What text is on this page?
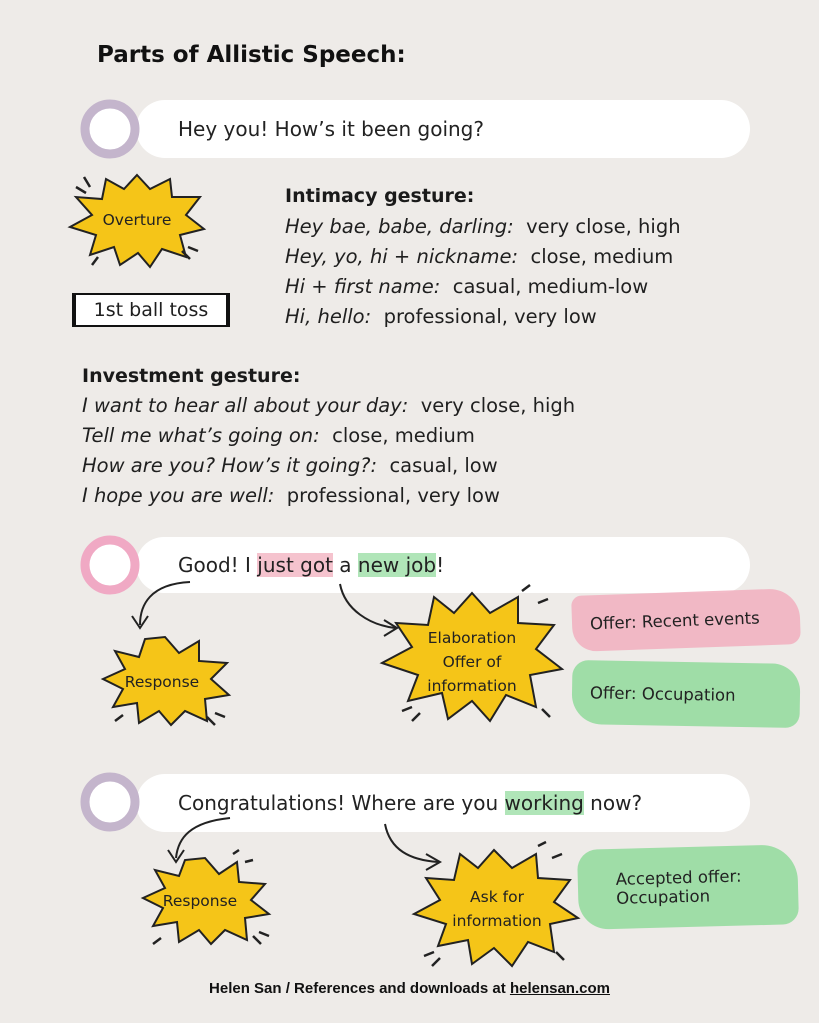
Parts of Allistic Speech:
Hey you! How’s it been going?
Overture
1st ball toss
Intimacy gesture:
Hey bae, babe, darling: very close, high
Hey, yo, hi + nickname: close, medium
Hi + first name: casual, medium-low
Hi, hello: professional, very low
Investment gesture:
I want to hear all about your day: very close, high
Tell me what’s going on: close, medium
How are you? How’s it going?: casual, low
I hope you are well: professional, very low
Good! I just got a new job!
Response
Elaboration
Offer of
information
Offer: Recent events
Offer: Occupation
Congratulations! Where are you working now?
Response	Ask for
information
Accepted offer:
Occupation
Helen San / References and downloads at helensan.com
